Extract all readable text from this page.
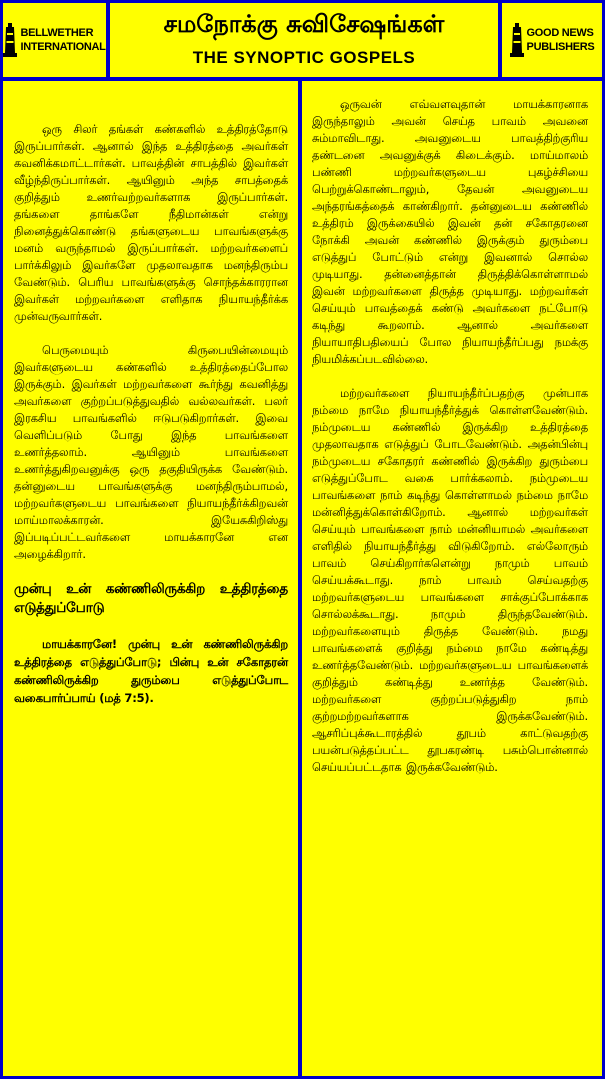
BELLWETHER
INTERNATIONAL
சமநோக்கு சுவிசேஷங்கள்
THE SYNOPTIC GOSPELS
GOOD NEWS
PUBLISHERS

ஒரு சிலர் தங்கள் கண்களில் உத்திரத்தோடு இருப்பார்கள். ஆனால் இந்த உத்திரத்தை அவர்கள் கவனிக்கமாட்டார்கள். பாவத்தின் சாபத்தில் இவர்கள் வீழ்ந்திருப்பார்கள். ஆயினும் அந்த சாபத்தைக் குறித்தும் உணர்வற்றவர்களாக இருப்பார்கள். தங்களை தாங்களே நீதிமான்கள் என்று நினைத்துக்கொண்டு தங்களுடைய பாவங்களுக்கு மனம் வருந்தாமல் இருப்பார்கள். மற்றவர்களைப் பார்க்கிலும் இவர்களே முதலாவதாக மனந்திரும்ப வேண்டும். பெரிய பாவங்களுக்கு சொந்தக்காரரான இவர்கள் மற்றவர்களை எளிதாக நியாயந்தீர்க்க முன்வருவார்கள்.

பெருமையும் கிருபையின்மையும் இவர்களுடைய கண்களில் உத்திரத்தைப்போல இருக்கும். இவர்கள் மற்றவர்களை கூர்ந்து கவனித்து அவர்களை குற்றப்படுத்துவதில் வல்லவர்கள். பலர் இரகசிய பாவங்களில் ஈடுபடுகிறார்கள். இவை வெளிப்படும் போது இந்த பாவங்களை உணர்த்தலாம். ஆயினும் பாவங்களை உணர்த்துகிறவனுக்கு ஒரு தகுதியிருக்க வேண்டும். தன்னுடைய பாவங்களுக்கு மனந்திரும்பாமல், மற்றவர்களுடைய பாவங்களை நியாயந்தீர்க்கிறவன் மாய்மாலக்காரன். இயேசுகிறிஸ்து இப்படிப்பட்டவர்களை மாயக்காரனே என அழைக்கிறார்.

முன்பு உன் கண்ணிலிருக்கிற உத்திரத்தை எடுத்துப்போடு

மாயக்காரனே! முன்பு உன் கண்ணிலிருக்கிற உத்திரத்தை எடுத்துப்போடு; பின்பு உன் சகோதரன் கண்ணிலிருக்கிற துரும்பை எடுத்துப்போட வகைபார்ப்பாய் (மத் 7:5).

ஒருவன் எவ்வளவுதான் மாயக்காரனாக இருந்தாலும் அவன் செய்த பாவம் அவனை சும்மாவிடாது. அவனுடைய பாவத்திற்குரிய தண்டனை அவனுக்குக் கிடைக்கும். மாய்மாலம் பண்ணி மற்றவர்களுடைய புகழ்ச்சியை பெற்றுக்கொண்டாலும், தேவன் அவனுடைய அந்தரங்கத்தைக் காண்கிறார். தன்னுடைய கண்ணில் உத்திரம் இருக்கையில் இவன் தன் சகோதரனை நோக்கி அவன் கண்ணில் இருக்கும் துரும்பை எடுத்துப் போட்டும் என்று இவனால் சொல்ல முடியாது. தன்னைத்தான் திருத்திக்கொள்ளாமல் இவன் மற்றவர்களை திருத்த முடியாது. மற்றவர்கள் செய்யும் பாவத்தைக் கண்டு அவர்களை நட்போடு கடிந்து கூறலாம். ஆனால் அவர்களை நியாயாதிபதியைப் போல நியாயந்தீர்ப்பது நமக்கு நியமிக்கப்படவில்லை.

மற்றவர்களை நியாயந்தீர்ப்பதற்கு முன்பாக நம்மை நாமே நியாயந்தீர்த்துக் கொள்ளவேண்டும். நம்முடைய கண்ணில் இருக்கிற உத்திரத்தை முதலாவதாக எடுத்துப் போடவேண்டும். அதன்பின்பு நம்முடைய சகோதரர் கண்ணில் இருக்கிற துரும்பை எடுத்துப்போட வகை பார்க்கலாம். நம்முடைய பாவங்களை நாம் கடிந்து கொள்ளாமல் நம்மை நாமே மன்னித்துக்கொள்கிறோம். ஆனால் மற்றவர்கள் செய்யும் பாவங்களை நாம் மன்னியாமல் அவர்களை எளிதில் நியாயந்தீர்த்து விடுகிறோம். எல்லோரும் பாவம் செய்கிறார்களென்று நாமும் பாவம் செய்யக்கூடாது. நாம் பாவம் செய்வதற்கு மற்றவர்களுடைய பாவங்களை சாக்குப்போக்காக சொல்லக்கூடாது. நாமும் திருந்தவேண்டும். மற்றவர்களையும் திருத்த வேண்டும். நமது பாவங்களைக் குறித்து நம்மை நாமே கண்டித்து உணர்த்தவேண்டும். மற்றவர்களுடைய பாவங்களைக் குறித்தும் கண்டித்து உணர்த்த வேண்டும். மற்றவர்களை குற்றப்படுத்துகிற நாம் குற்றமற்றவர்களாக இருக்கவேண்டும். ஆசரிப்புக்கூடாரத்தில் தூபம் காட்டுவதற்கு பயன்படுத்தப்பட்ட தூபகரண்டி பசும்பொன்னால் செய்யப்பட்டதாக இருக்கவேண்டும்.
